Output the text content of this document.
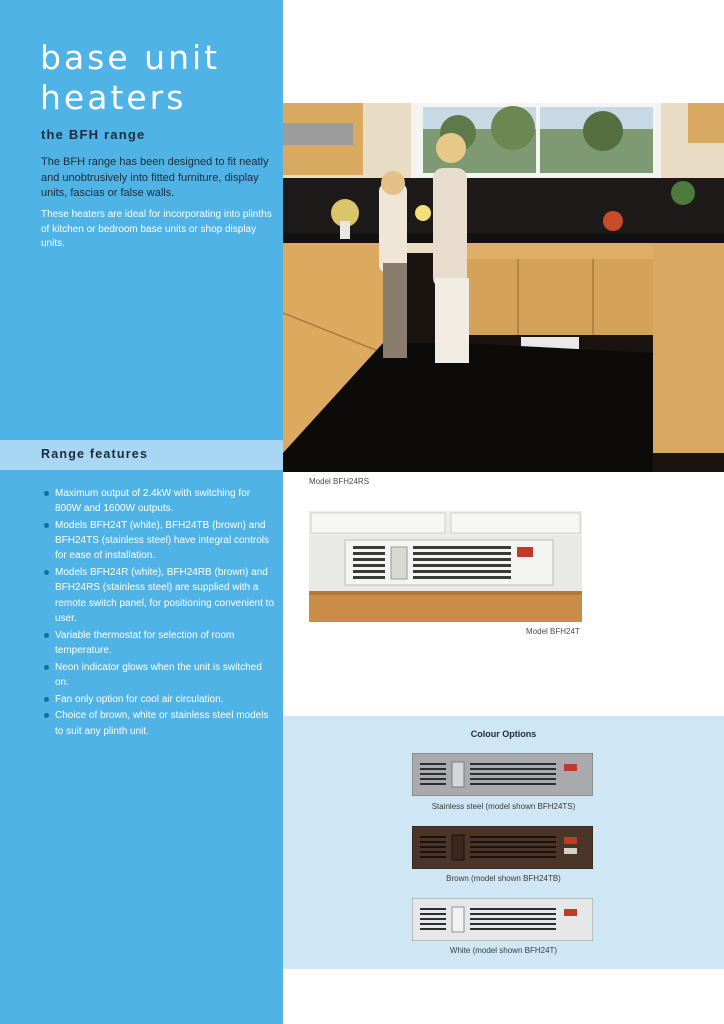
base unit
heaters
the BFH range

The BFH range has been designed to fit neatly and unobtrusively into fitted furniture, display units, fascias or false walls.

These heaters are ideal for incorporating into plinths of kitchen or bedroom base units or shop display units.

Range features
Maximum output of 2.4kW with switching for 800W and 1600W outputs.
Models BFH24T (white), BFH24TB (brown) and BFH24TS (stainless steel) have integral controls for ease of installation.
Models BFH24R (white), BFH24RB (brown) and BFH24RS (stainless steel) are supplied with a remote switch panel, for positioning convenient to user.
Variable thermostat for selection of room temperature.
Neon indicator glows when the unit is switched on.
Fan only option for cool air circulation.
Choice of brown, white or stainless steel models to suit any plinth unit.
Model BFH24RS
Model BFH24T
Colour Options
Stainless steel (model shown BFH24TS)
Brown (model shown BFH24TB)
White (model shown BFH24T)
